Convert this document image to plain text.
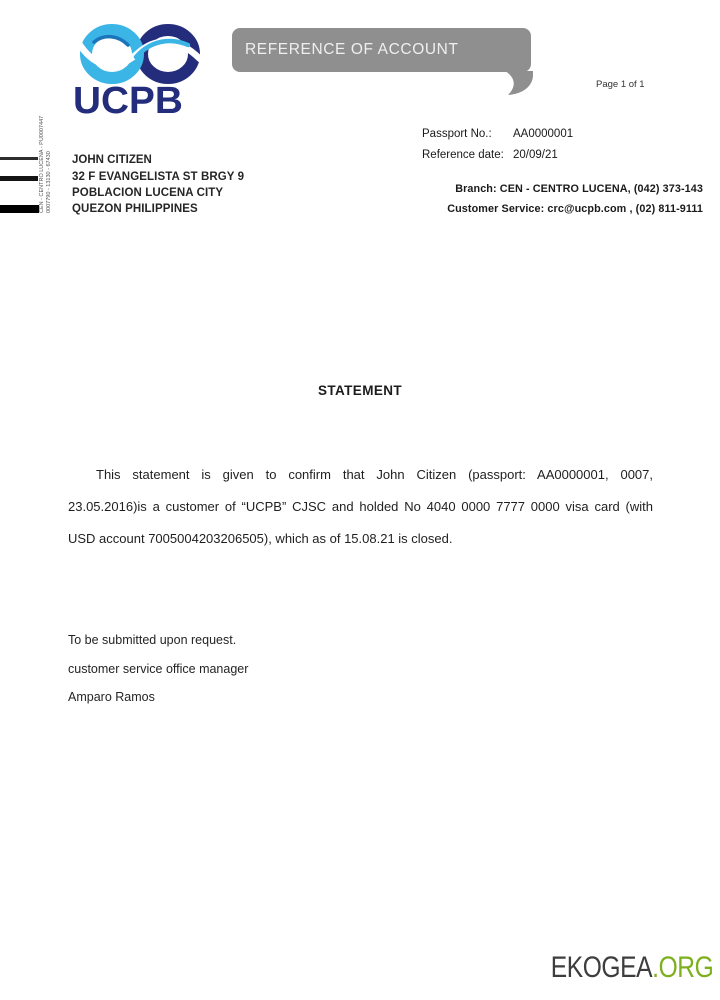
UCPB
REFERENCE OF ACCOUNT
Page 1 of 1
CEN - CENTRO LUCENA - PU0007447 0007790 - 13130 - 67430 JOHN CITIZEN
32 F EVANGELISTA ST BRGY 9
POBLACION LUCENA CITY
QUEZON PHILIPPINES
Passport No.:	AA0000001
Reference date: 20/09/21
Branch: CEN - CENTRO LUCENA, (042) 373-143
Customer Service: crc@ucpb.com , (02) 811-9111
STATEMENT
This statement is given to confirm that John Citizen (passport: AA0000001, 0007,
23.05.2016)is a customer of “UCPB” CJSC and holded No 4040 0000 7777 0000 visa card (with
USD account 7005004203206505), which as of 15.08.21 is closed.
To be submitted upon request.
customer service office manager
Amparo Ramos
EKOGEA.ORG
